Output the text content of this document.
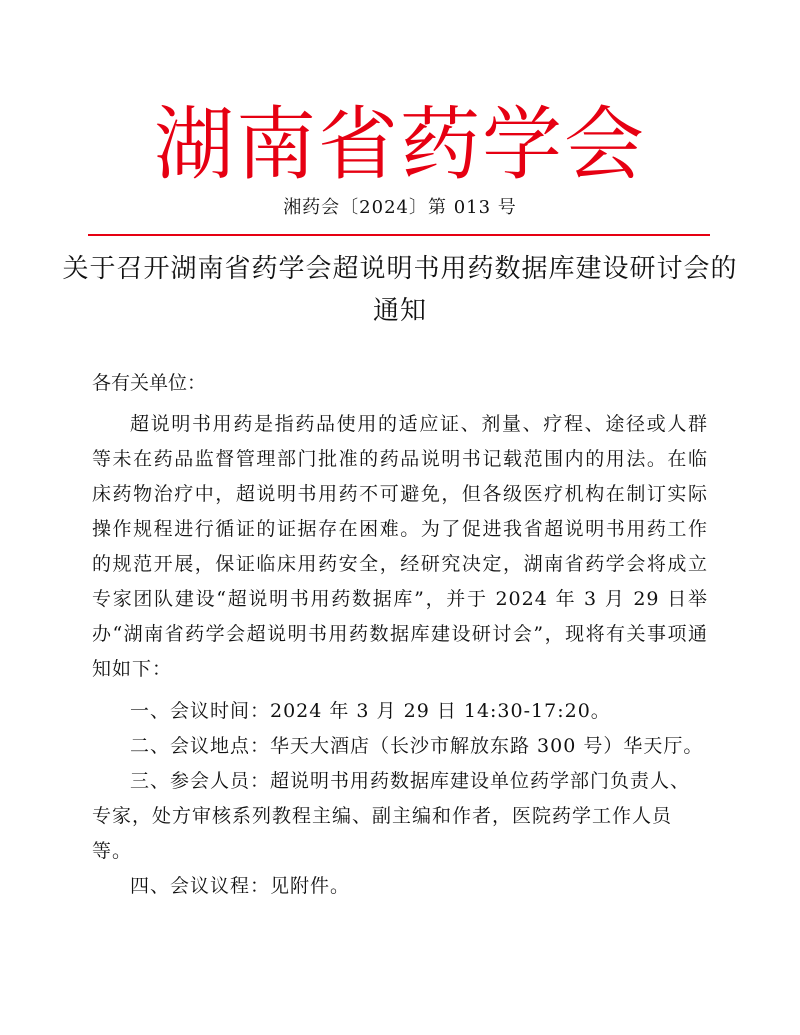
湖南省药学会
湘药会〔2024〕第 013 号
关于召开湖南省药学会超说明书用药数据库建设研讨会的通知

各有关单位：

超说明书用药是指药品使用的适应证、剂量、疗程、途径或人群等未在药品监督管理部门批准的药品说明书记载范围内的用法。在临床药物治疗中，超说明书用药不可避免，但各级医疗机构在制订实际操作规程进行循证的证据存在困难。为了促进我省超说明书用药工作的规范开展，保证临床用药安全，经研究决定，湖南省药学会将成立专家团队建设“超说明书用药数据库”，并于 2024 年 3 月 29 日举办“湖南省药学会超说明书用药数据库建设研讨会”，现将有关事项通知如下：

一、会议时间：2024 年 3 月 29 日 14:30-17:20。

二、会议地点：华天大酒店（长沙市解放东路 300 号）华天厅。

三、参会人员：超说明书用药数据库建设单位药学部门负责人、专家，处方审核系列教程主编、副主编和作者，医院药学工作人员等。

四、会议议程：见附件。
